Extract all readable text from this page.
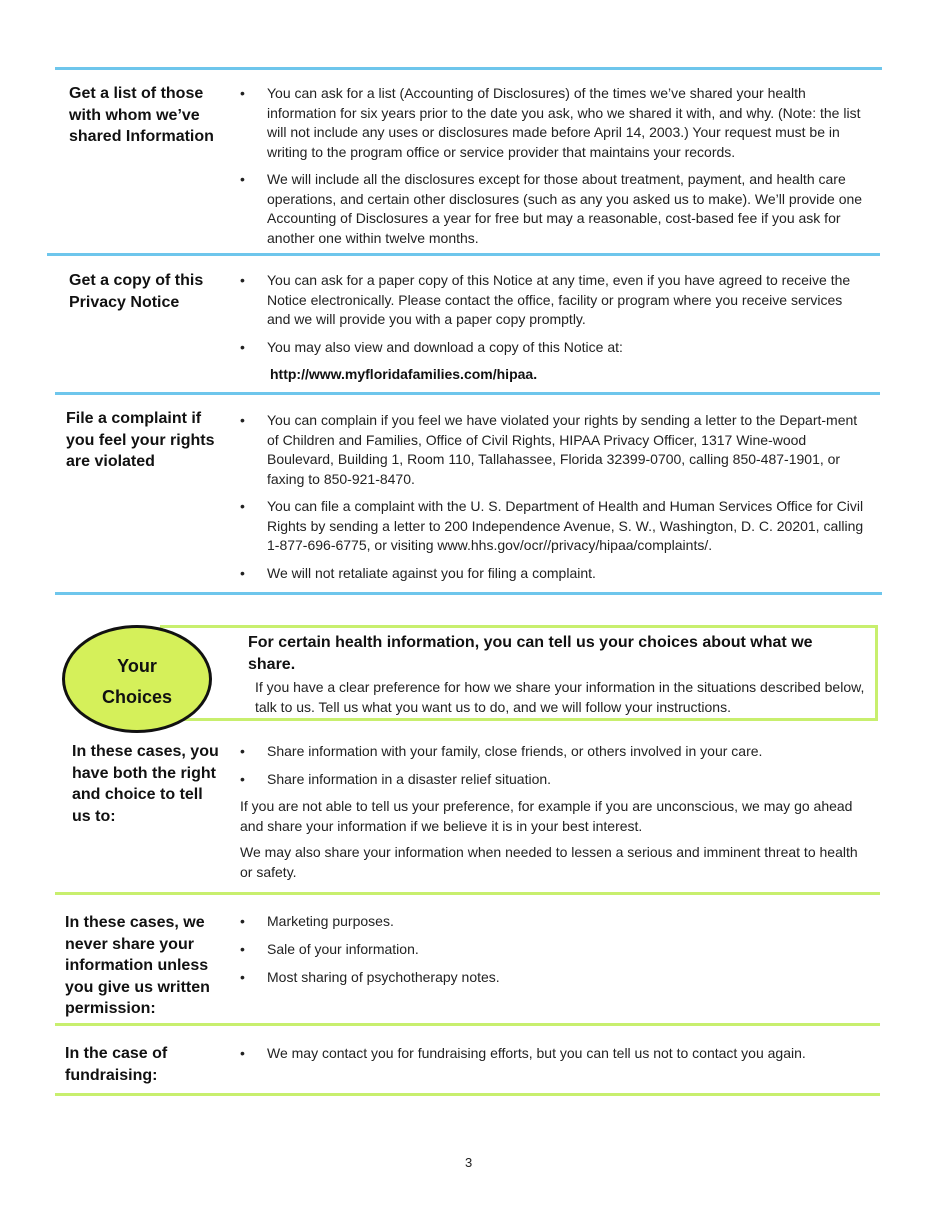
Get a list of those with whom we’ve shared Information
• You can ask for a list (Accounting of Disclosures) of the times we’ve shared your health information for six years prior to the date you ask, who we shared it with, and why. (Note: the list will not include any uses or disclosures made before April 14, 2003.) Your request must be in writing to the program office or service provider that maintains your records.
• We will include all the disclosures except for those about treatment, payment, and health care operations, and certain other disclosures (such as any you asked us to make). We’ll provide one Accounting of Disclosures a year for free but may a reasonable, cost-based fee if you ask for another one within twelve months.
Get a copy of this Privacy Notice
• You can ask for a paper copy of this Notice at any time, even if you have agreed to receive the Notice electronically. Please contact the office, facility or program where you receive services and we will provide you with a paper copy promptly.
• You may also view and download a copy of this Notice at:
http://www.myfloridafamilies.com/hipaa.
File a complaint if you feel your rights are violated
• You can complain if you feel we have violated your rights by sending a letter to the Depart-ment of Children and Families, Office of Civil Rights, HIPAA Privacy Officer, 1317 Wine-wood Boulevard, Building 1, Room 110, Tallahassee, Florida 32399-0700, calling 850-487-1901, or faxing to 850-921-8470.
• You can file a complaint with the U. S. Department of Health and Human Services Office for Civil Rights by sending a letter to 200 Independence Avenue, S. W., Washington, D. C. 20201, calling 1-877-696-6775, or visiting www.hhs.gov/ocr//privacy/hipaa/complaints/.
• We will not retaliate against you for filing a complaint.
For certain health information, you can tell us your choices about what we share.
If you have a clear preference for how we share your information in the situations described below, talk to us. Tell us what you want us to do, and we will follow your instructions.
Your
Choices
In these cases, you have both the right and choice to tell us to:
• Share information with your family, close friends, or others involved in your care.
• Share information in a disaster relief situation.
If you are not able to tell us your preference, for example if you are unconscious, we may go ahead and share your information if we believe it is in your best interest.
We may also share your information when needed to lessen a serious and imminent threat to health or safety.
In these cases, we never share your information unless you give us written permission:
• Marketing purposes.
• Sale of your information.
• Most sharing of psychotherapy notes.
In the case of fundraising:
• We may contact you for fundraising efforts, but you can tell us not to contact you again.
3
